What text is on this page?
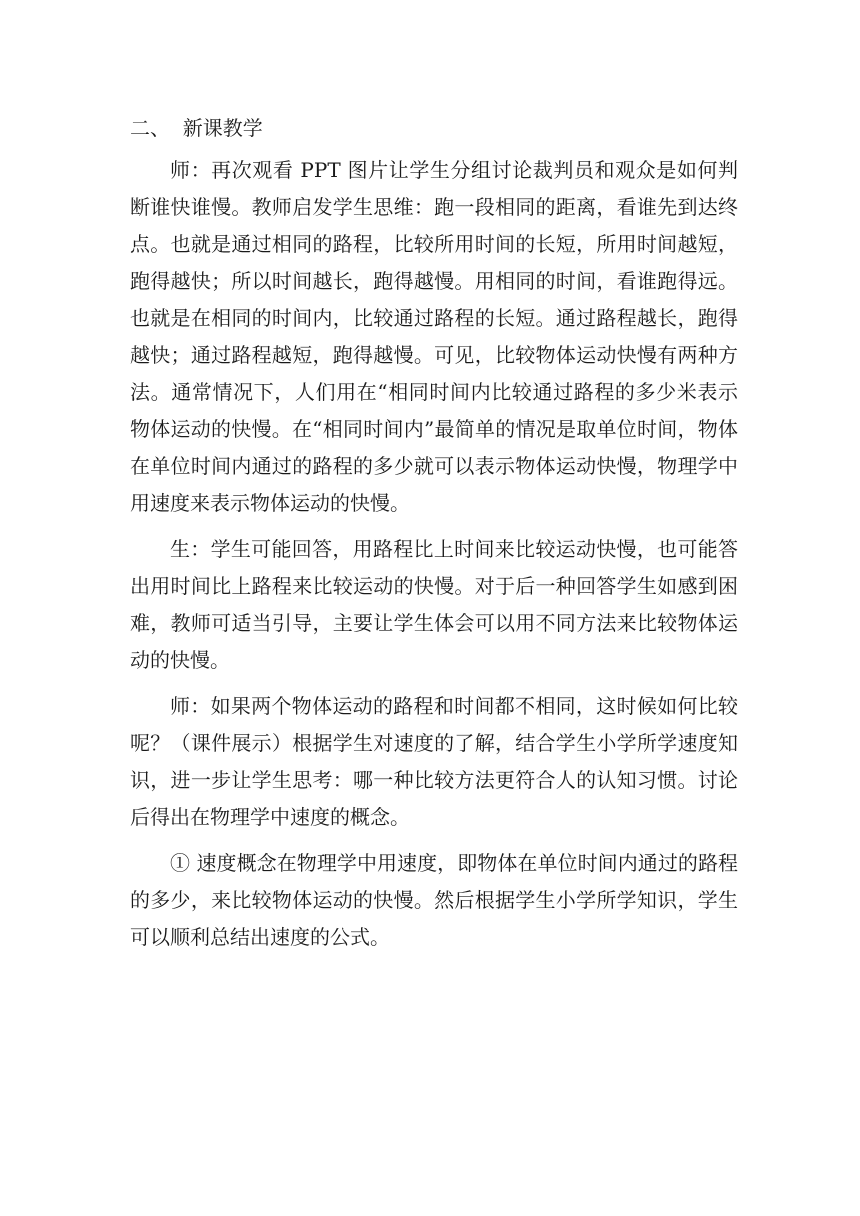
二、  新课教学

师：再次观看 PPT 图片让学生分组讨论裁判员和观众是如何判断谁快谁慢。教师启发学生思维：跑一段相同的距离，看谁先到达终点。也就是通过相同的路程，比较所用时间的长短，所用时间越短，跑得越快；所以时间越长，跑得越慢。用相同的时间，看谁跑得远。也就是在相同的时间内，比较通过路程的长短。通过路程越长，跑得越快；通过路程越短，跑得越慢。可见，比较物体运动快慢有两种方法。通常情况下，人们用在“相同时间内比较通过路程的多少米表示物体运动的快慢。在“相同时间内”最简单的情况是取单位时间，物体在单位时间内通过的路程的多少就可以表示物体运动快慢，物理学中用速度来表示物体运动的快慢。

生：学生可能回答，用路程比上时间来比较运动快慢，也可能答出用时间比上路程来比较运动的快慢。对于后一种回答学生如感到困难，教师可适当引导，主要让学生体会可以用不同方法来比较物体运动的快慢。

师：如果两个物体运动的路程和时间都不相同，这时候如何比较呢？（课件展示）根据学生对速度的了解，结合学生小学所学速度知识，进一步让学生思考：哪一种比较方法更符合人的认知习惯。讨论后得出在物理学中速度的概念。

① 速度概念在物理学中用速度，即物体在单位时间内通过的路程的多少，来比较物体运动的快慢。然后根据学生小学所学知识，学生可以顺利总结出速度的公式。
